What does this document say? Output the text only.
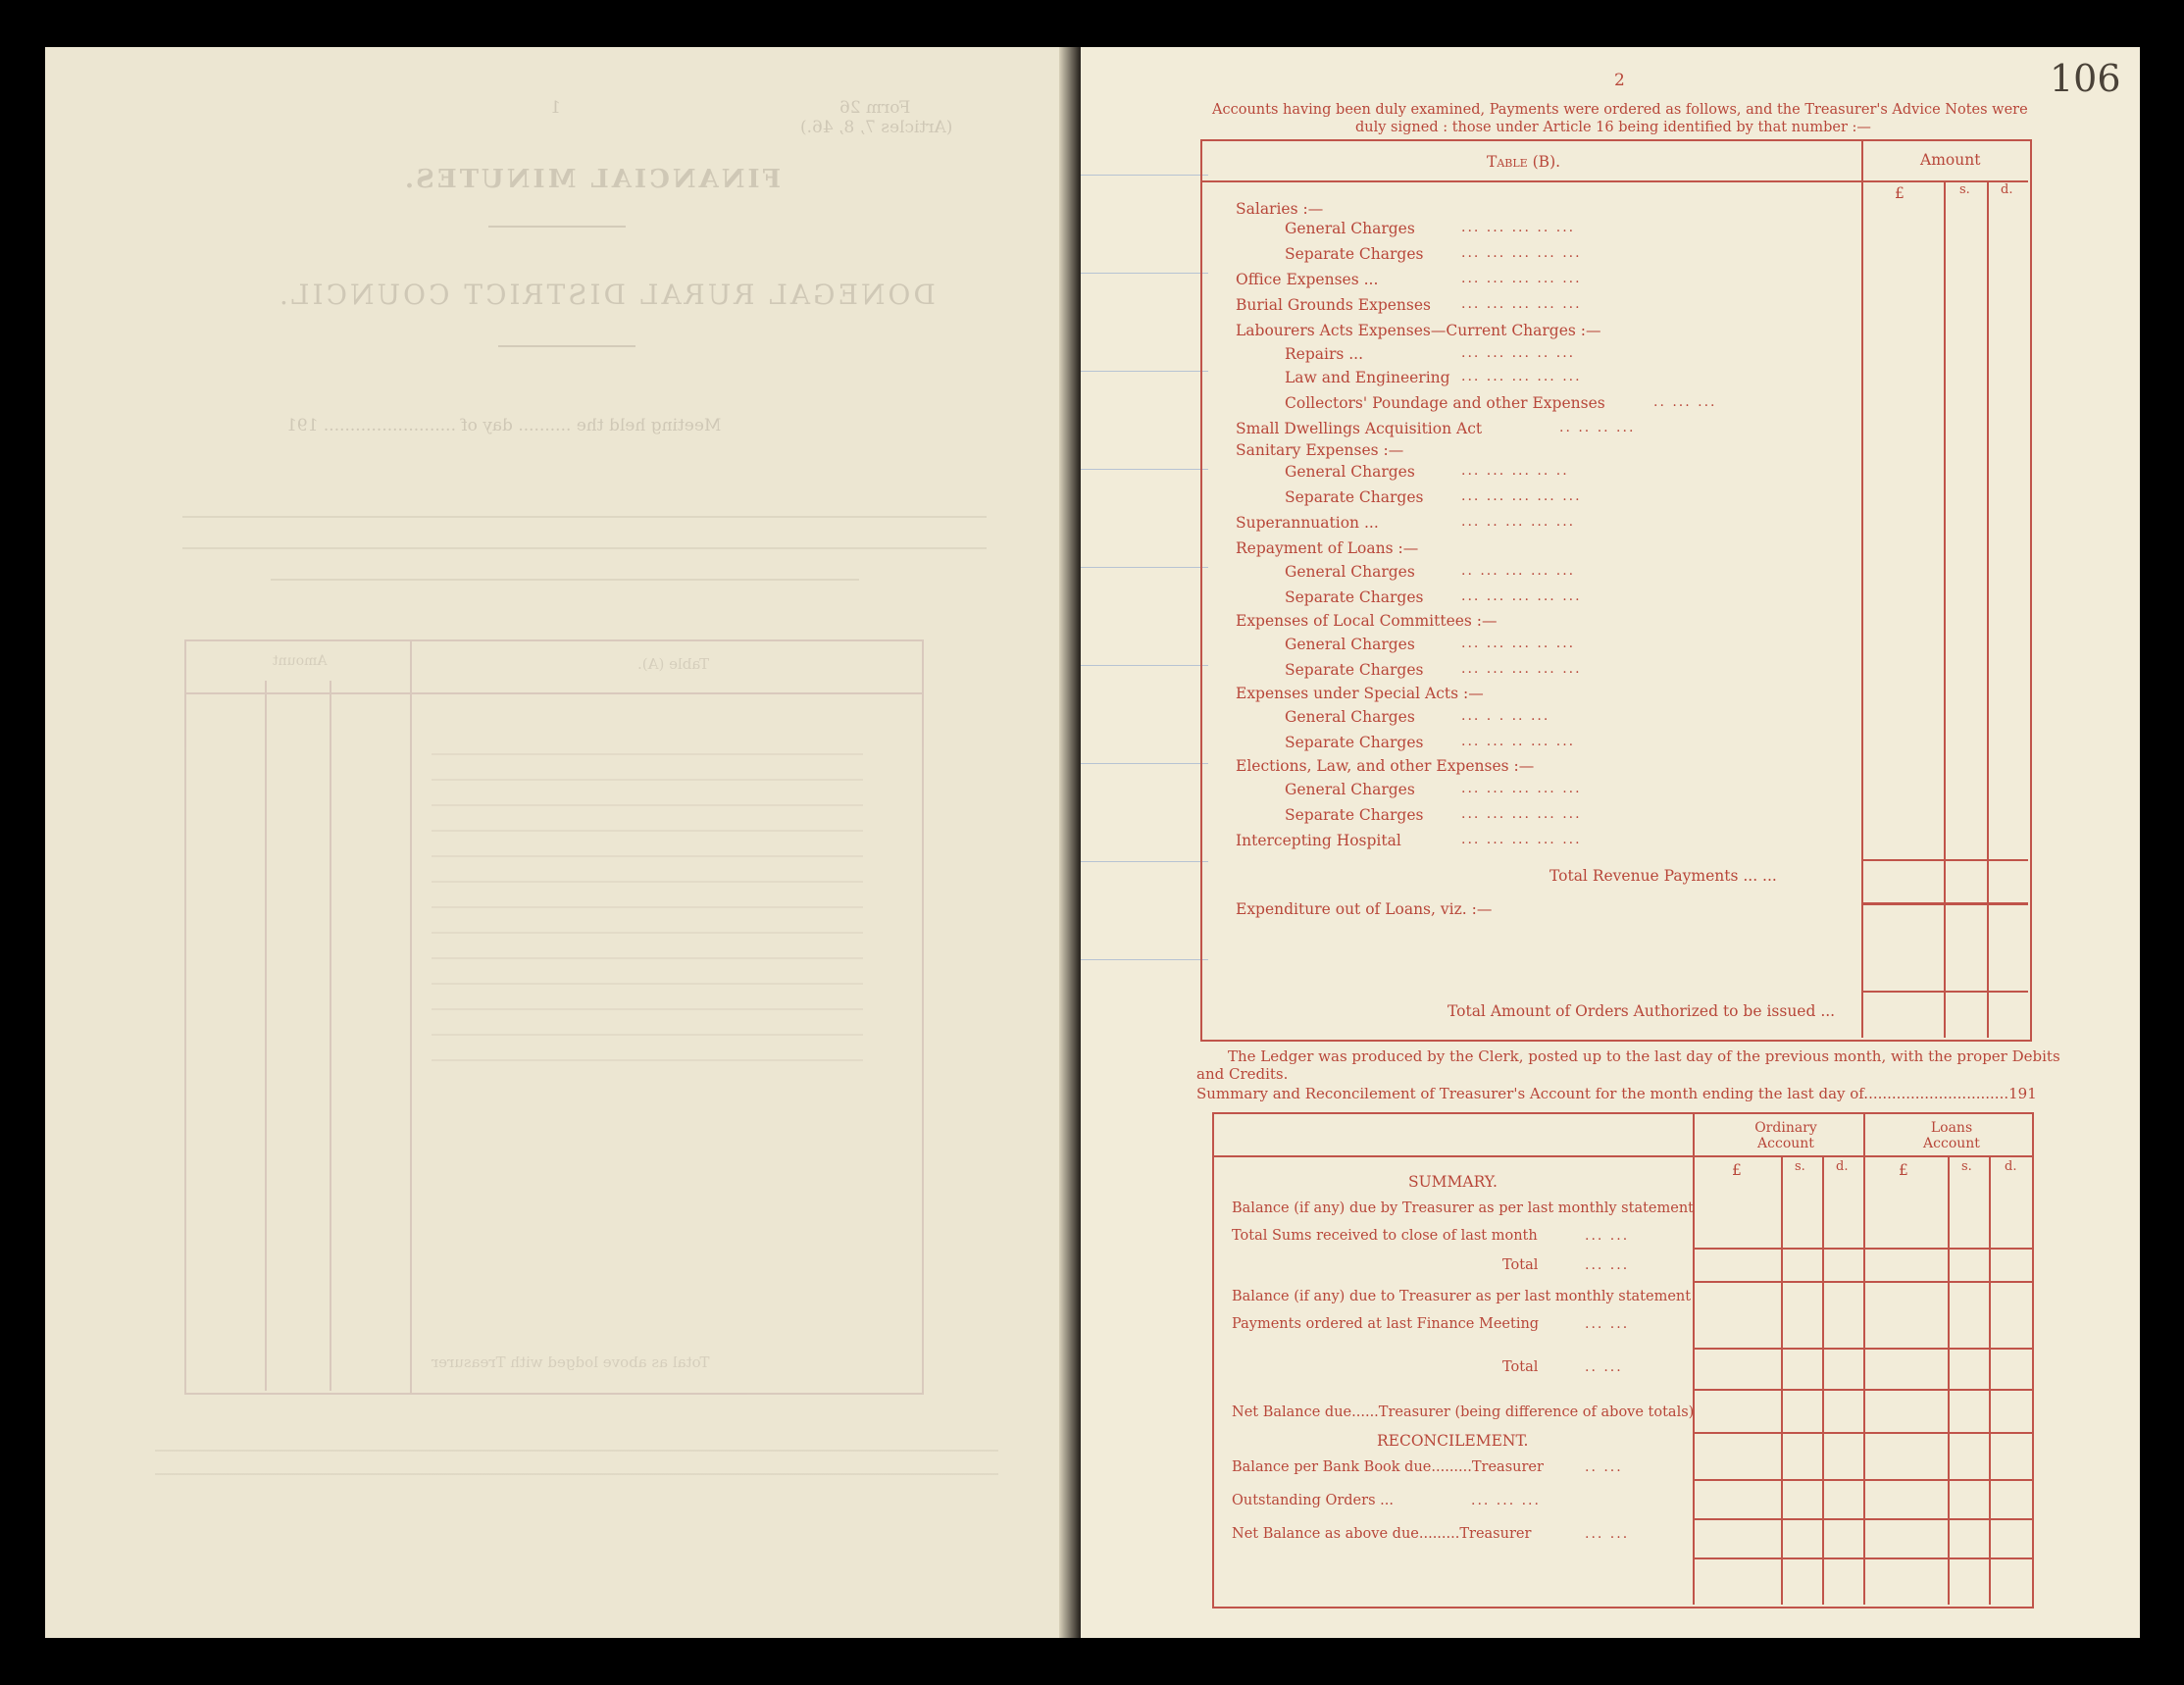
Form 26
(Articles 7, 8, 46.)
1
FINANCIAL MINUTES.
DONEGAL RURAL DISTRICT COUNCIL.
Meeting held the .......... day of ......................... 191
Table (A).
Amount
Total as above lodged with Treasurer
2	106
Accounts having been duly examined, Payments were ordered as follows, and the Treasurer's Advice Notes were
duly signed : those under Article 16 being identified by that number :—
Table (B).	Amount
£	s. d.
Salaries :—
General Charges	... ... ... .. ...
Separate Charges	... ... ... ... ...
Office Expenses ...	... ... ... ... ...
Burial Grounds Expenses ... ... ... ... ...
Labourers Acts Expenses—Current Charges :—
Repairs ...	... ... ... .. ...
Law and Engineering ... ... ... ... ...
Collectors' Poundage and other Expenses	.. ... ...
Small Dwellings Acquisition Act	.. .. .. ...
Sanitary Expenses :—
General Charges	... ... ... .. ..
Separate Charges	... ... ... ... ...
Superannuation ...	... .. ... ... ...
Repayment of Loans :—
General Charges	.. ... ... ... ...
Separate Charges	... ... ... ... ...
Expenses of Local Committees :—
General Charges	... ... ... .. ...
Separate Charges	... ... ... ... ...
Expenses under Special Acts :—
General Charges	... . . .. ...
Separate Charges	... ... .. ... ...
Elections, Law, and other Expenses :—
General Charges	... ... ... ... ...
Separate Charges	... ... ... ... ...
Intercepting Hospital	... ... ... ... ...
Total Revenue Payments ... ...
Expenditure out of Loans, viz. :—
Total Amount of Orders Authorized to be issued ...
The Ledger was produced by the Clerk, posted up to the last day of the previous month, with the proper Debits
and Credits.
Summary and Reconcilement of Treasurer's Account for the month ending the last day of...............................191
Ordinary Account
Loans Account
£	s. d.	£	s.	d.
SUMMARY.
Balance (if any) due by Treasurer as per last monthly statement
Total Sums received to close of last month	... ...
Total	... ...
Balance (if any) due to Treasurer as per last monthly statement
Payments ordered at last Finance Meeting	... ...
Total	.. ...
Net Balance due......Treasurer (being difference of above totals)
RECONCILEMENT.
Balance per Bank Book due.........Treasurer	.. ...
Outstanding Orders ...	... ... ...
Net Balance as above due.........Treasurer	... ...
